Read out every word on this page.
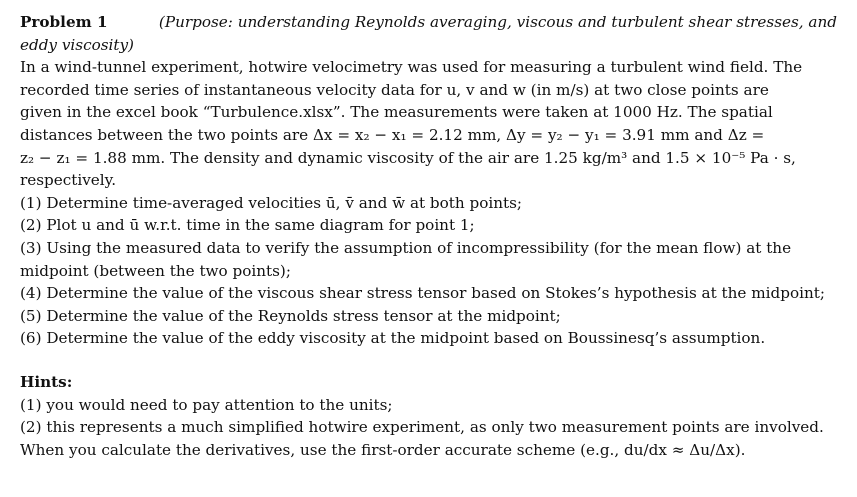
Problem 1	(Purpose: understanding Reynolds averaging, viscous and turbulent shear stresses, and
eddy viscosity)
In a wind-tunnel experiment, hotwire velocimetry was used for measuring a turbulent wind field. The
recorded time series of instantaneous velocity data for u, v and w (in m/s) at two close points are
given in the excel book “Turbulence.xlsx”. The measurements were taken at 1000 Hz. The spatial
distances between the two points are Δx = x₂ − x₁ = 2.12 mm, Δy = y₂ − y₁ = 3.91 mm and Δz =
z₂ − z₁ = 1.88 mm. The density and dynamic viscosity of the air are 1.25 kg/m³ and 1.5 × 10⁻⁵ Pa · s,
respectively.
(1) Determine time-averaged velocities ū, v̄ and w̄ at both points;
(2) Plot u and ū w.r.t. time in the same diagram for point 1;
(3) Using the measured data to verify the assumption of incompressibility (for the mean flow) at the
midpoint (between the two points);
(4) Determine the value of the viscous shear stress tensor based on Stokes’s hypothesis at the midpoint;
(5) Determine the value of the Reynolds stress tensor at the midpoint;
(6) Determine the value of the eddy viscosity at the midpoint based on Boussinesq’s assumption.
Hints:
(1) you would need to pay attention to the units;
(2) this represents a much simplified hotwire experiment, as only two measurement points are involved.
When you calculate the derivatives, use the first-order accurate scheme (e.g., du/dx ≈ Δu/Δx).
